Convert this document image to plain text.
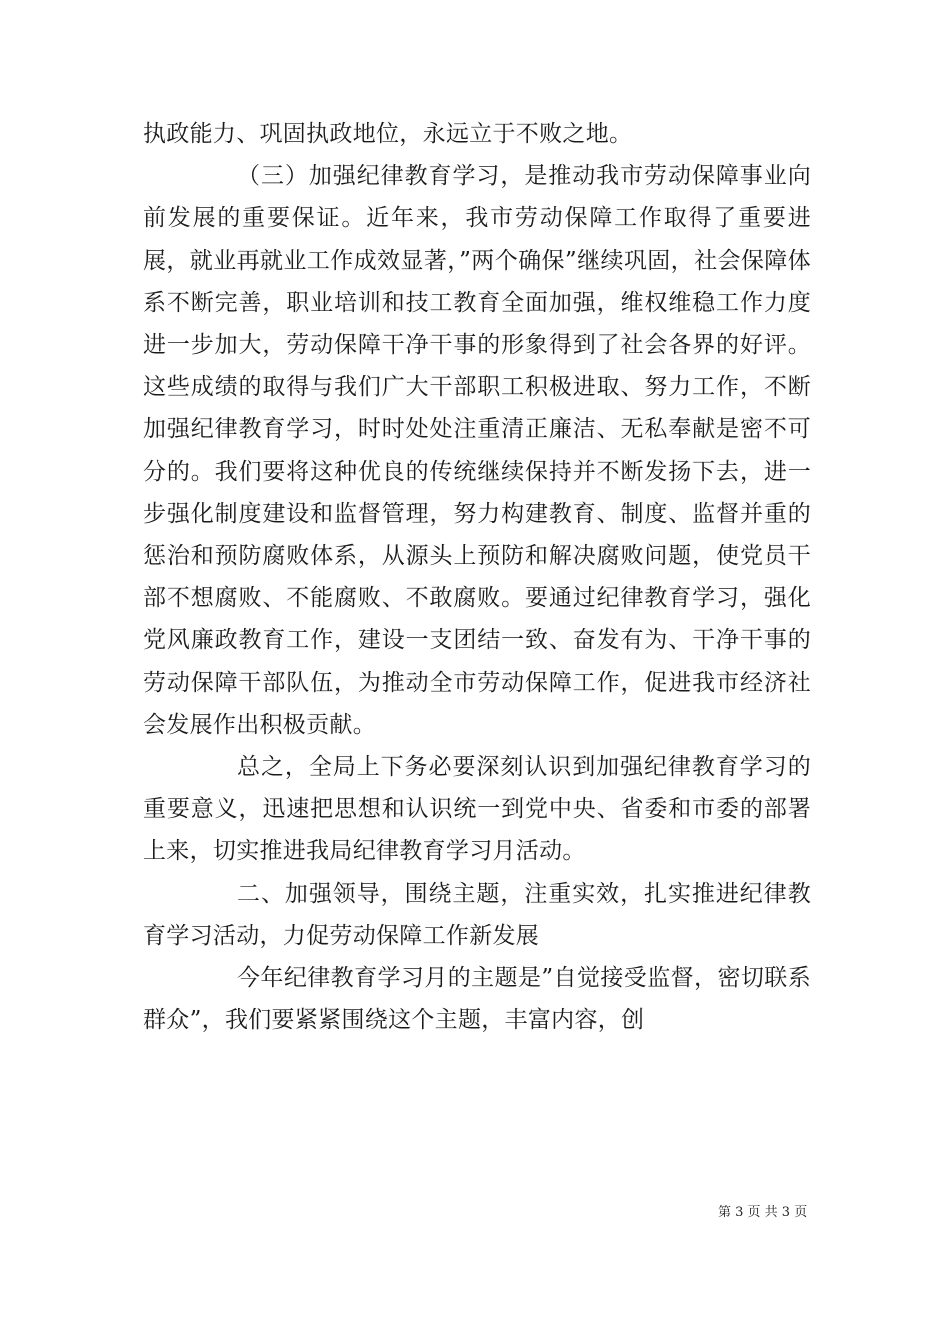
执政能力、巩固执政地位，永远立于不败之地。

（三）加强纪律教育学习，是推动我市劳动保障事业向前发展的重要保证。近年来，我市劳动保障工作取得了重要进展，就业再就业工作成效显著，”两个确保”继续巩固，社会保障体系不断完善，职业培训和技工教育全面加强，维权维稳工作力度进一步加大，劳动保障干净干事的形象得到了社会各界的好评。这些成绩的取得与我们广大干部职工积极进取、努力工作，不断加强纪律教育学习，时时处处注重清正廉洁、无私奉献是密不可分的。我们要将这种优良的传统继续保持并不断发扬下去，进一步强化制度建设和监督管理，努力构建教育、制度、监督并重的惩治和预防腐败体系，从源头上预防和解决腐败问题，使党员干部不想腐败、不能腐败、不敢腐败。要通过纪律教育学习，强化党风廉政教育工作，建设一支团结一致、奋发有为、干净干事的劳动保障干部队伍，为推动全市劳动保障工作，促进我市经济社会发展作出积极贡献。

总之，全局上下务必要深刻认识到加强纪律教育学习的重要意义，迅速把思想和认识统一到党中央、省委和市委的部署上来，切实推进我局纪律教育学习月活动。

二、加强领导，围绕主题，注重实效，扎实推进纪律教育学习活动，力促劳动保障工作新发展

今年纪律教育学习月的主题是”自觉接受监督，密切联系群众”，我们要紧紧围绕这个主题，丰富内容，创

第 3 页 共 3 页
